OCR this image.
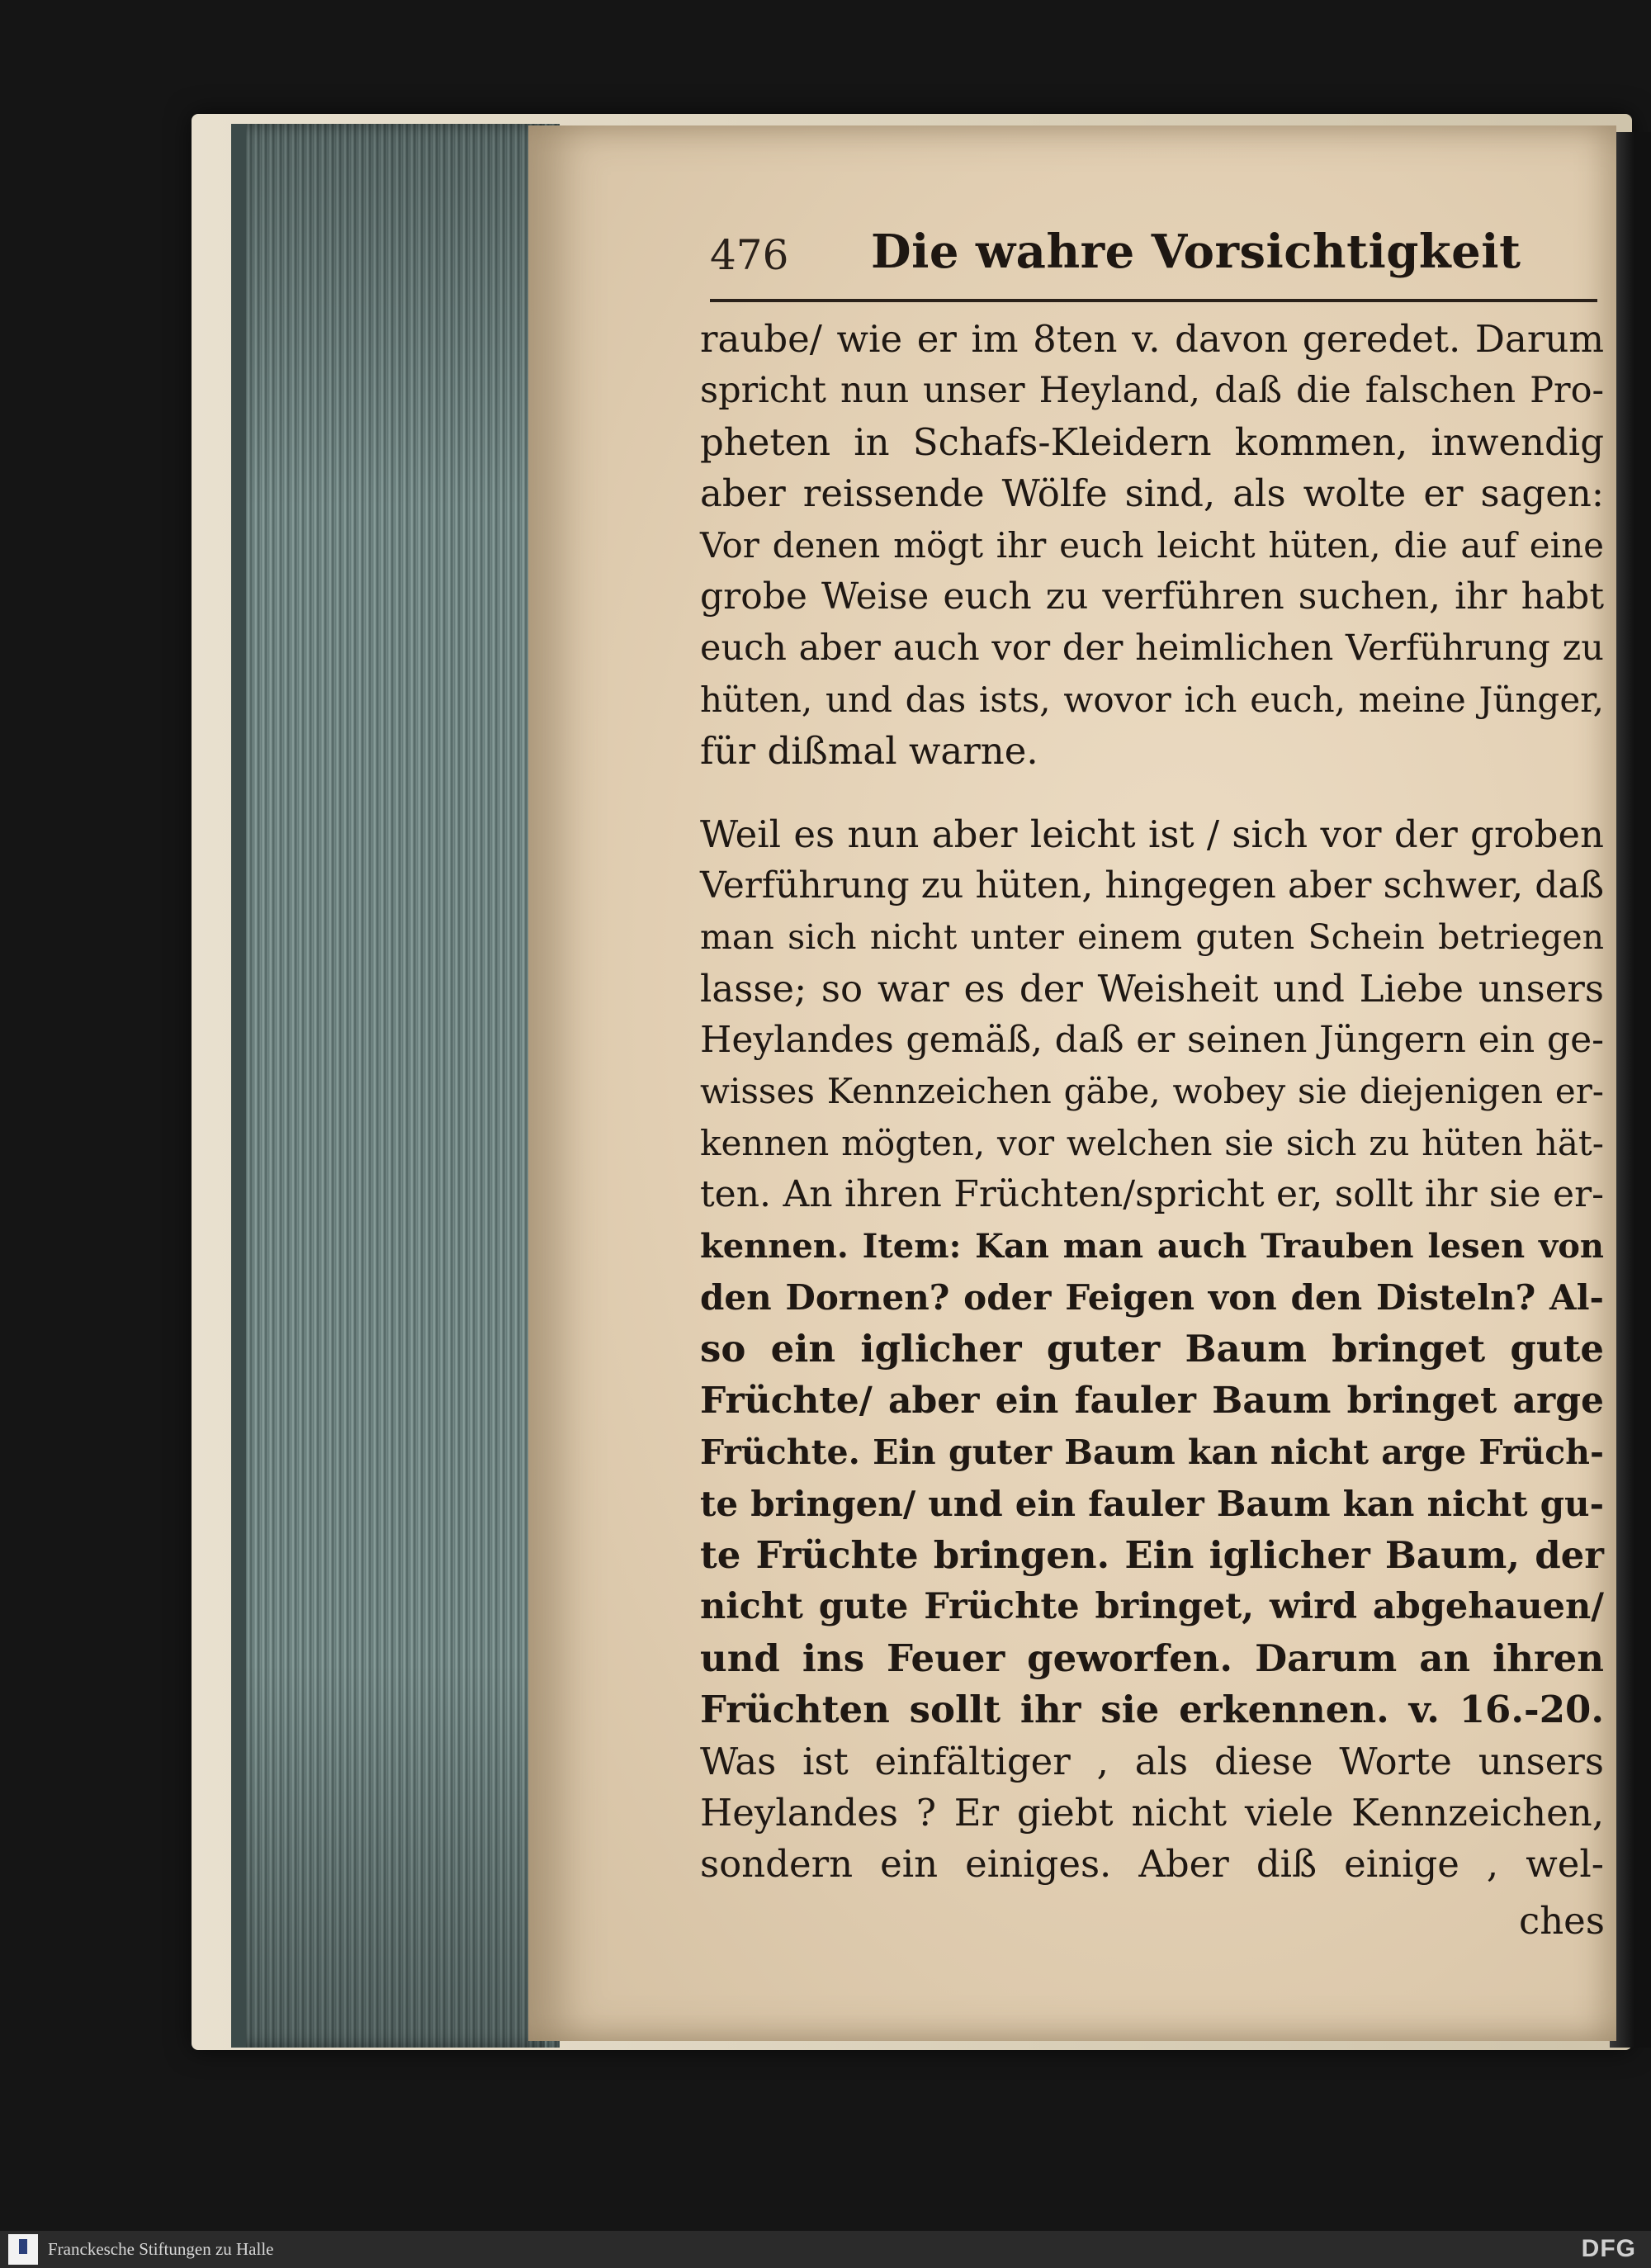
476 Die wahre Vorsichtigkeit
raube/ wie er im 8ten v. davon geredet. Darum
spricht nun unser Heyland, daß die falschen Pro-
pheten in Schafs-Kleidern kommen, inwendig
aber reissende Wölfe sind, als wolte er sagen:
Vor denen mögt ihr euch leicht hüten, die auf eine
grobe Weise euch zu verführen suchen, ihr habt
euch aber auch vor der heimlichen Verführung zu
hüten, und das ists, wovor ich euch, meine Jünger,
für dißmal warne.
Weil es nun aber leicht ist / sich vor der groben
Verführung zu hüten, hingegen aber schwer, daß
man sich nicht unter einem guten Schein betriegen
lasse; so war es der Weisheit und Liebe unsers
Heylandes gemäß, daß er seinen Jüngern ein ge-
wisses Kennzeichen gäbe, wobey sie diejenigen er-
kennen mögten, vor welchen sie sich zu hüten hät-
ten. An ihren Früchten/spricht er, sollt ihr sie er-
kennen. Item: Kan man auch Trauben lesen von
den Dornen? oder Feigen von den Disteln? Al-
so ein iglicher guter Baum bringet gute
Früchte/ aber ein fauler Baum bringet arge
Früchte. Ein guter Baum kan nicht arge Früch-
te bringen/ und ein fauler Baum kan nicht gu-
te Früchte bringen. Ein iglicher Baum, der
nicht gute Früchte bringet, wird abgehauen/
und ins Feuer geworfen. Darum an ihren
Früchten sollt ihr sie erkennen. v. 16.-20.
Was ist einfältiger , als diese Worte unsers
Heylandes ? Er giebt nicht viele Kennzeichen,
sondern ein einiges. Aber diß einige , wel-
ches
Franckesche Stiftungen zu Halle	DFG
